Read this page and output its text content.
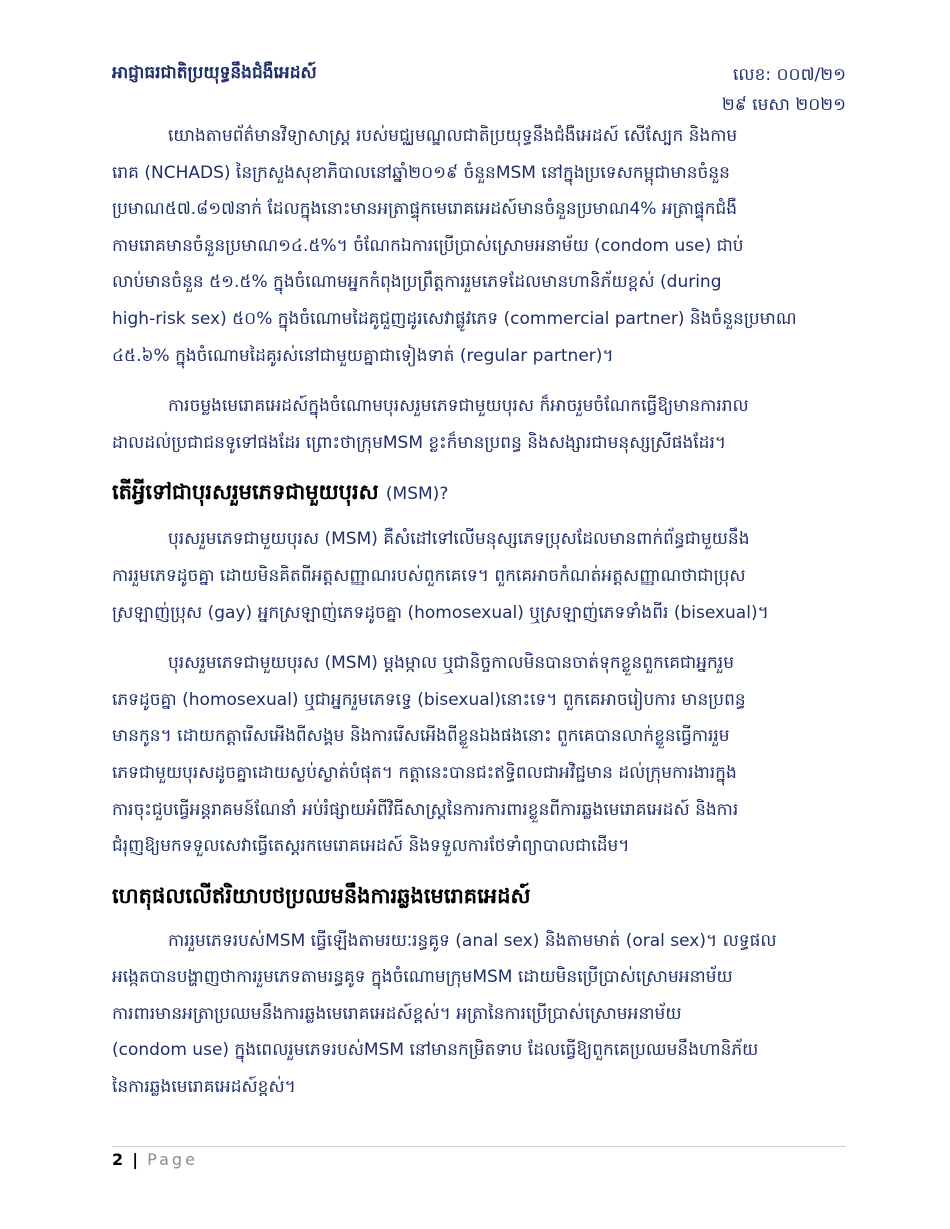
អាជ្ញាធរជាតិប្រយុទ្ធនឹងជំងឺអេដស៍	លេខ: ០០៧/២១
២៩ មេសា ២០២១
យោងតាមព័ត៌មានវិទ្យាសាស្ត្រ របស់មជ្ឈមណ្ឌលជាតិប្រយុទ្ធនឹងជំងឺអេដស៍ សើស្បែក និងកាម
រោគ (NCHADS) នៃក្រសួងសុខាភិបាលនៅឆ្នាំ២០១៩ ចំនួនMSM នៅក្នុងប្រទេសកម្ពុជាមានចំនួន
ប្រមាណ៥៧.៨១៧នាក់ ដែលក្នុងនោះមានអត្រាផ្ទុកមេរោគអេដស៍មានចំនួនប្រមាណ4% អត្រាផ្ទុកជំងឺ
កាមរោគមានចំនួនប្រមាណ១៤.៥%។ ចំណែកឯការប្រើប្រាស់ស្រោមអនាម័យ (condom use) ជាប់
លាប់មានចំនួន ៥១.៥% ក្នុងចំណោមអ្នកកំពុងប្រព្រឹត្តការរួមភេទដែលមានហានិភ័យខ្ពស់ (during
high-risk sex) ៥០% ក្នុងចំណោមដៃគូជួញដូរសេវាផ្លូវភេទ (commercial partner) និងចំនួនប្រមាណ
៤៥.៦% ក្នុងចំណោមដៃគូរស់នៅជាមួយគ្នាជាទៀងទាត់ (regular partner)។
ការចម្លងមេរោគអេដស៍ក្នុងចំណោមបុរសរួមភេទជាមួយបុរស ក៏អាចរួមចំណែកធ្វើឱ្យមានការរាល
ដាលដល់ប្រជាជនទូទៅផងដែរ ព្រោះថាក្រុមMSM ខ្លះក៏មានប្រពន្ធ និងសង្សារជាមនុស្សស្រីផងដែរ។
តើអ្វីទៅជាបុរសរួមភេទជាមួយបុរស (MSM)?
បុរសរួមភេទជាមួយបុរស (MSM) គឺសំដៅទៅលើមនុស្សភេទប្រុសដែលមានពាក់ព័ន្ធជាមួយនឹង
ការរួមភេទដូចគ្នា ដោយមិនគិតពីអត្តសញ្ញាណរបស់ពួកគេទេ។ ពួកគេអាចកំណត់អត្តសញ្ញាណថាជាប្រុស
ស្រឡាញ់ប្រុស (gay) អ្នកស្រឡាញ់ភេទដូចគ្នា (homosexual) ឬស្រឡាញ់ភេទទាំងពីរ (bisexual)។
បុរសរួមភេទជាមួយបុរស (MSM) ម្តងម្កាល ឬជានិច្ចកាលមិនបានចាត់ទុកខ្លួនពួកគេជាអ្នករួម
ភេទដូចគ្នា (homosexual) ឬជាអ្នករួមភេទទ្វេ (bisexual)នោះទេ។ ពួកគេអាចរៀបការ មានប្រពន្ធ
មានកូន។ ដោយកត្តារើសអើងពីសង្គម និងការរើសអើងពីខ្លួនឯងផងនោះ ពួកគេបានលាក់ខ្លួនធ្វើការរួម
ភេទជាមួយបុរសដូចគ្នាដោយស្ងប់ស្ងាត់បំផុត។ កត្តានេះបានជះឥទ្ធិពលជាអវិជ្ជមាន ដល់ក្រុមការងារក្នុង
ការចុះជួបធ្វើអន្តរាគមន៍ណែនាំ អប់រំផ្សាយអំពីវិធីសាស្ត្រនៃការការពារខ្លួនពីការឆ្លងមេរោគអេដស៍ និងការ
ជំរុញឱ្យមកទទួលសេវាធ្វើតេស្តរកមេរោគអេដស៍ និងទទួលការថែទាំព្យាបាលជាដើម។
ហេតុផលលើឥរិយាបថប្រឈមនឹងការឆ្លងមេរោគអេដស៍
ការរួមភេទរបស់MSM ធ្វើឡើងតាមរយៈរន្ធគូទ (anal sex) និងតាមមាត់ (oral sex)។ លទ្ធផល
អង្កេតបានបង្ហាញថាការរួមភេទតាមរន្ធគូទ ក្នុងចំណោមក្រុមMSM ដោយមិនប្រើប្រាស់ស្រោមអនាម័យ
ការពារមានអត្រាប្រឈមនឹងការឆ្លងមេរោគអេដស៍ខ្ពស់។ អត្រានៃការប្រើប្រាស់ស្រោមអនាម័យ
(condom use) ក្នុងពេលរួមភេទរបស់MSM នៅមានកម្រិតទាប ដែលធ្វើឱ្យពួកគេប្រឈមនឹងហានិភ័យ
នៃការឆ្លងមេរោគអេដស៍ខ្ពស់។
2 | Page
